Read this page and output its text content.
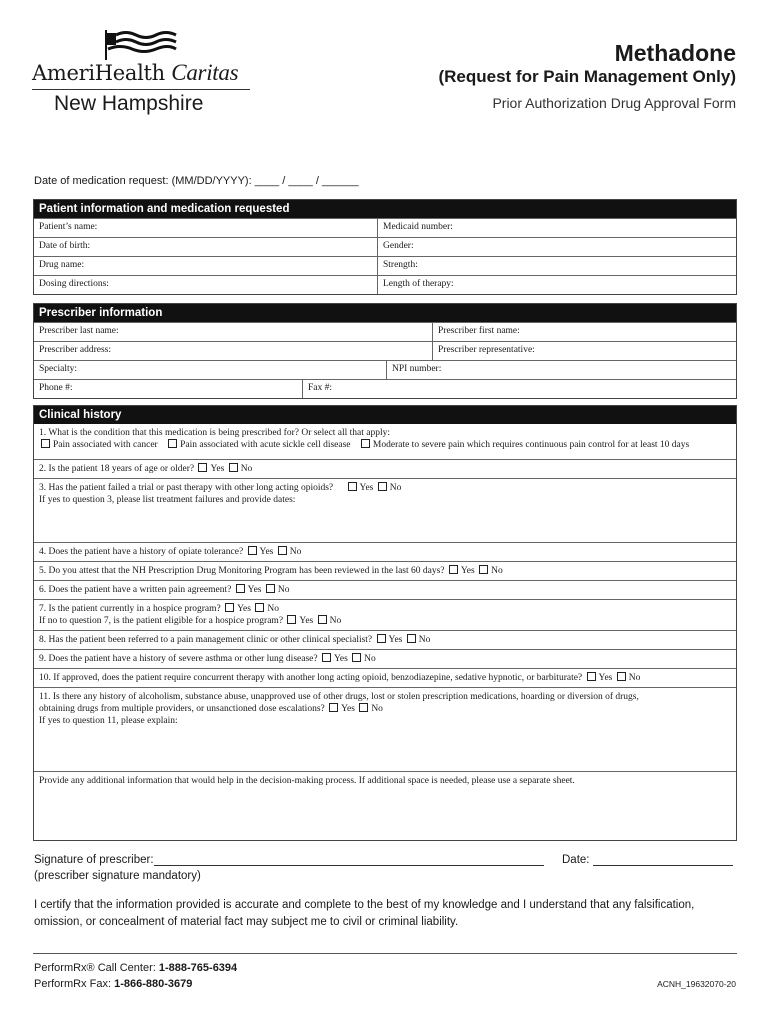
AmeriHealth Caritas
New Hampshire
Methadone
(Request for Pain Management Only)
Prior Authorization Drug Approval Form
Date of medication request: (MM/DD/YYYY): ____ / ____ / ______
Patient information and medication requested
Patient’s name:	Medicaid number:
Date of birth:	Gender:
Drug name:	Strength:
Dosing directions:	Length of therapy:
Prescriber information
Prescriber last name:	Prescriber first name:
Prescriber address:	Prescriber representative:
Specialty:	NPI number:
Phone #:	Fax #:
Clinical history
1. What is the condition that this medication is being prescribed for? Or select all that apply:
Pain associated with cancer Pain associated with acute sickle cell disease Moderate to severe pain which requires continuous pain control for at least 10 days
2. Is the patient 18 years of age or older? Yes No
3. Has the patient failed a trial or past therapy with other long acting opioids?	Yes No
If yes to question 3, please list treatment failures and provide dates:
4. Does the patient have a history of opiate tolerance? Yes No
5. Do you attest that the NH Prescription Drug Monitoring Program has been reviewed in the last 60 days? Yes No
6. Does the patient have a written pain agreement? Yes No
7. Is the patient currently in a hospice program? Yes No
If no to question 7, is the patient eligible for a hospice program? Yes No
8. Has the patient been referred to a pain management clinic or other clinical specialist? Yes No
9. Does the patient have a history of severe asthma or other lung disease? Yes No
10. If approved, does the patient require concurrent therapy with another long acting opioid, benzodiazepine, sedative hypnotic, or barbiturate? Yes No
11. Is there any history of alcoholism, substance abuse, unapproved use of other drugs, lost or stolen prescription medications, hoarding or diversion of drugs,
obtaining drugs from multiple providers, or unsanctioned dose escalations? Yes No
If yes to question 11, please explain:
Provide any additional information that would help in the decision-making process. If additional space is needed, please use a separate sheet.
Signature of prescriber:	Date:
(prescriber signature mandatory)
I certify that the information provided is accurate and complete to the best of my knowledge and I understand that any falsification, omission, or concealment of material fact may subject me to civil or criminal liability.
PerformRx® Call Center: 1-888-765-6394
PerformRx Fax: 1-866-880-3679	ACNH_19632070-20
